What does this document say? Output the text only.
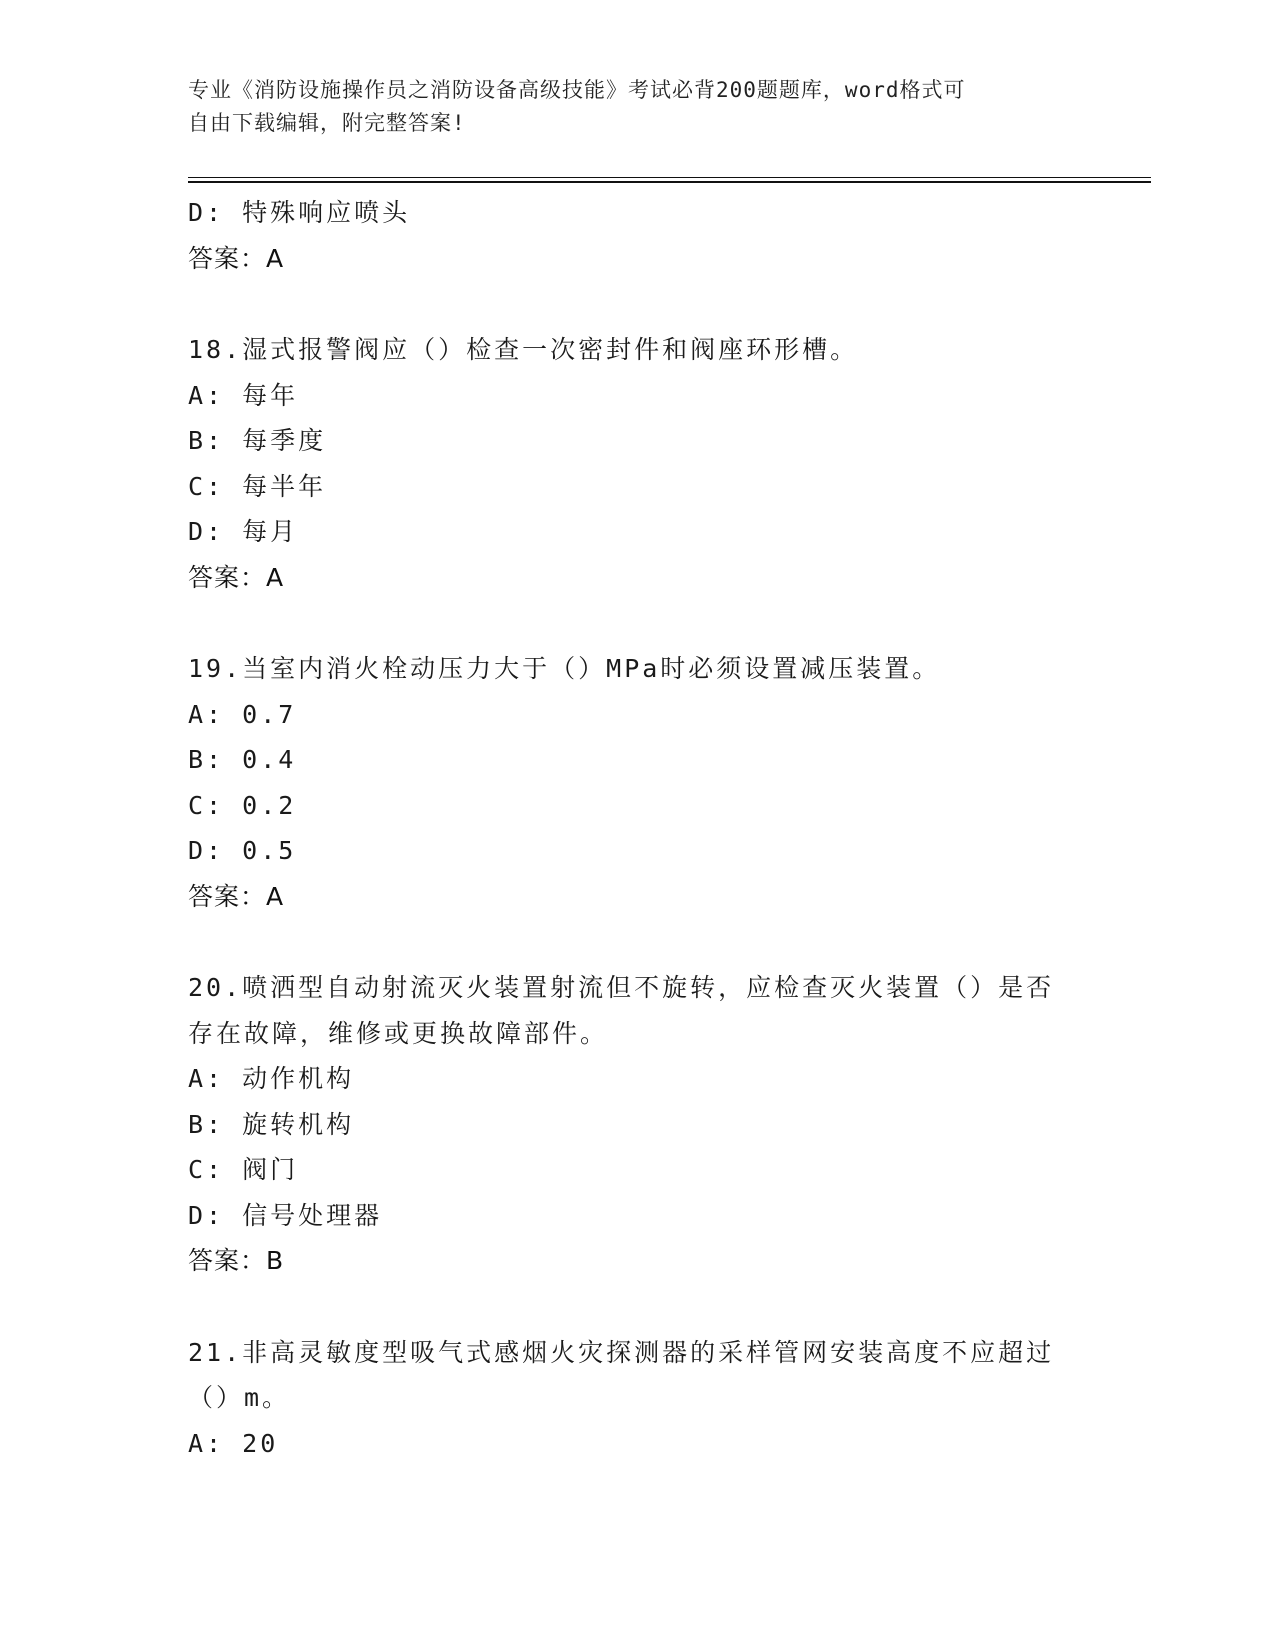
专业《消防设施操作员之消防设备高级技能》考试必背200题题库，word格式可
自由下载编辑，附完整答案!
D: 特殊响应喷头
答案：A
18.湿式报警阀应（）检查一次密封件和阀座环形槽。
A: 每年
B: 每季度
C: 每半年
D: 每月
答案：A
19.当室内消火栓动压力大于（）MPa时必须设置减压装置。
A: 0.7
B: 0.4
C: 0.2
D: 0.5
答案：A
20.喷洒型自动射流灭火装置射流但不旋转，应检查灭火装置（）是否存在故障，维修或更换故障部件。
A: 动作机构
B: 旋转机构
C: 阀门
D: 信号处理器
答案：B
21.非高灵敏度型吸气式感烟火灾探测器的采样管网安装高度不应超过（）m。
A: 20
